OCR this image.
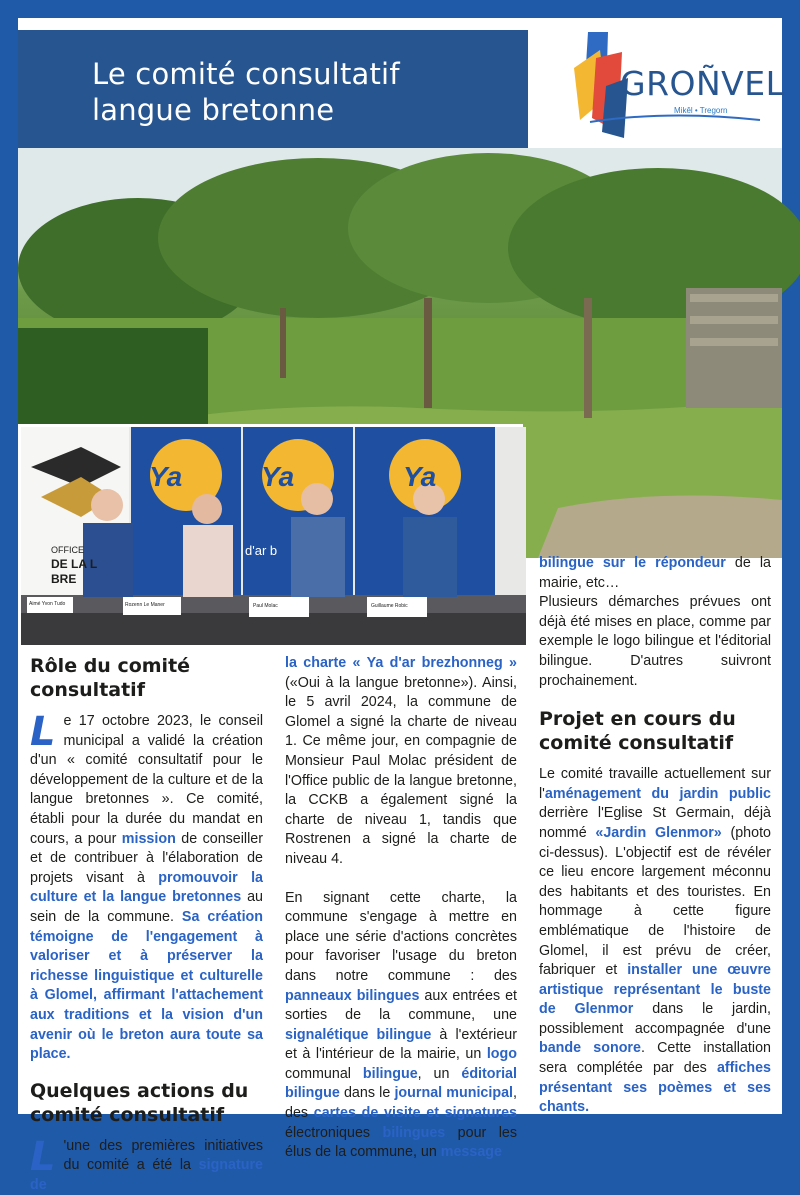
Le comité consultatif
langue bretonne
GROÑVEL
Mikêl • Tregorn
Ya	Ya	Ya
d'ar b
OFFICE
DE LA L
BRE
Aimé Yvon Tudo	Rozenn Le Maner	Paul Molac	Guillaume Robic
Rôle du comité consultatif

Le 17 octobre 2023, le conseil municipal a validé la création d'un « comité consultatif pour le développement de la culture et de la langue bretonnes ». Ce comité, établi pour la durée du mandat en cours, a pour mission de conseiller et de contribuer à l'élaboration de projets visant à promouvoir la culture et la langue bretonnes au sein de la commune. Sa création témoigne de l'engagement à valoriser et à préserver la richesse linguistique et culturelle à Glomel, affirmant l'attachement aux traditions et la vision d'un avenir où le breton aura toute sa place.

Quelques actions du comité consultatif

L 'une des premières initiatives du comité a été la signature de

la charte « Ya d'ar brezhonneg » («Oui à la langue bretonne»). Ainsi, le 5 avril 2024, la commune de Glomel a signé la charte de niveau 1. Ce même jour, en compagnie de Monsieur Paul Molac président de l'Office public de la langue bretonne, la CCKB a également signé la charte de niveau 1, tandis que Rostrenen a signé la charte de niveau 4.

En signant cette charte, la commune s'engage à mettre en place une série d'actions concrètes pour favoriser l'usage du breton dans notre commune : des panneaux bilingues aux entrées et sorties de la commune, une signalétique bilingue à l'extérieur et à l'intérieur de la mairie, un logo communal bilingue, un éditorial bilingue dans le journal municipal, des cartes de visite et signatures électroniques bilingues pour les élus de la commune, un message

bilingue sur le répondeur de la mairie, etc…

Plusieurs démarches prévues ont déjà été mises en place, comme par exemple le logo bilingue et l'éditorial bilingue. D'autres suivront prochainement.

Projet en cours du comité consultatif

Le comité travaille actuellement sur l'aménagement du jardin public derrière l'Eglise St Germain, déjà nommé «Jardin Glenmor» (photo ci-dessus). L'objectif est de révéler ce lieu encore largement méconnu des habitants et des touristes. En hommage à cette figure emblématique de l'histoire de Glomel, il est prévu de créer, fabriquer et installer une œuvre artistique représentant le buste de Glenmor dans le jardin, possiblement accompagnée d'une bande sonore. Cette installation sera complétée par des affiches présentant ses poèmes et ses chants.
